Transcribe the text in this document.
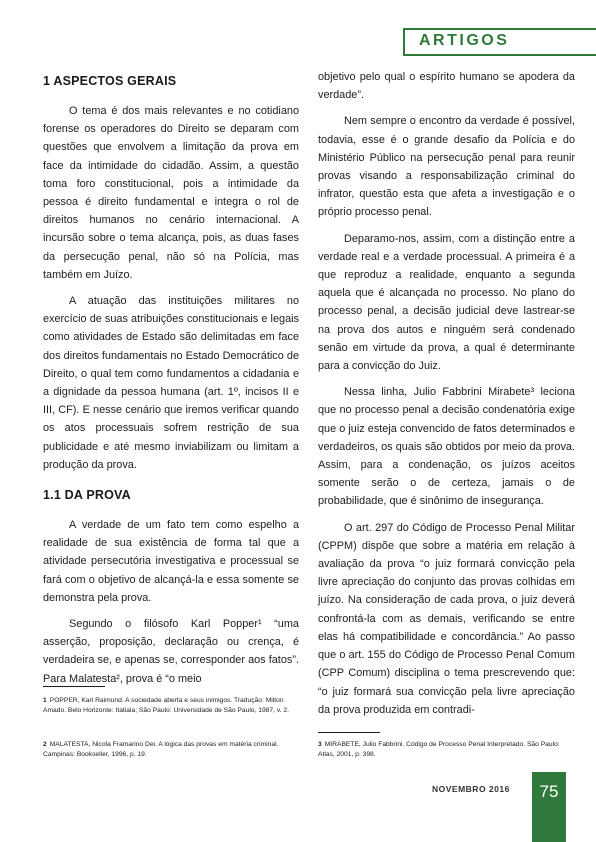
ARTIGOS
1 ASPECTOS GERAIS

O tema é dos mais relevantes e no cotidiano forense os operadores do Direito se deparam com questões que envolvem a limitação da prova em face da intimidade do cidadão. Assim, a questão toma foro constitucional, pois a intimidade da pessoa é direito fundamental e integra o rol de direitos humanos no cenário internacional. A incursão sobre o tema alcança, pois, as duas fases da persecução penal, não só na Polícia, mas também em Juízo.

A atuação das instituições militares no exercício de suas atribuições constitucionais e legais como atividades de Estado são delimitadas em face dos direitos fundamentais no Estado Democrático de Direito, o qual tem como fundamentos a cidadania e a dignidade da pessoa humana (art. 1º, incisos II e III, CF). E nesse cenário que iremos verificar quando os atos processuais sofrem restrição de sua publicidade e até mesmo inviabilizam ou limitam a produção da prova.

1.1 DA PROVA

A verdade de um fato tem como espelho a realidade de sua existência de forma tal que a atividade persecutória investigativa e processual se fará com o objetivo de alcançá-la e essa somente se demonstra pela prova.

Segundo o filósofo Karl Popper¹ “uma asserção, proposição, declaração ou crença, é verdadeira se, e apenas se, corresponder aos fatos”. Para Malatesta², prova é “o meio

objetivo pelo qual o espírito humano se apodera da verdade”.

Nem sempre o encontro da verdade é possível, todavia, esse é o grande desafio da Polícia e do Ministério Público na persecução penal para reunir provas visando a responsabilização criminal do infrator, questão esta que afeta a investigação e o próprio processo penal.

Deparamo-nos, assim, com a distinção entre a verdade real e a verdade processual. A primeira é a que reproduz a realidade, enquanto a segunda aquela que é alcançada no processo. No plano do processo penal, a decisão judicial deve lastrear-se na prova dos autos e ninguém será condenado senão em virtude da prova, a qual é determinante para a convicção do Juiz.

Nessa linha, Julio Fabbrini Mirabete³ leciona que no processo penal a decisão condenatória exige que o juiz esteja convencido de fatos determinados e verdadeiros, os quais são obtidos por meio da prova. Assim, para a condenação, os juízos aceitos somente serão o de certeza, jamais o de probabilidade, que é sinônimo de insegurança.

O art. 297 do Código de Processo Penal Militar (CPPM) dispõe que sobre a matéria em relação à avaliação da prova “o juiz formará convicção pela livre apreciação do conjunto das provas colhidas em juízo. Na consideração de cada prova, o juiz deverá confrontá-la com as demais, verificando se entre elas há compatibilidade e concordância.” Ao passo que o art. 155 do Código de Processo Penal Comum (CPP Comum) disciplina o tema prescrevendo que: “o juiz formará sua convicção pela livre apreciação da prova produzida em contradi-

1 POPPER, Karl Raimund. A sociedade aberta e seus inimigos. Tradução: Milton Amado. Belo Horizonte: Itatiaia; São Paulo: Universidade de São Paulo, 1987, v. 2.
2 MALATESTA, Nicola Framarino Dei. A lógica das provas em matéria criminal. Campinas: Bookseller, 1996, p. 19.
3 MIRABETE, Julio Fabbrini. Código de Processo Penal Interpretado. São Paulo: Atlas, 2001, p. 398.
NOVEMBRO 2016	75
